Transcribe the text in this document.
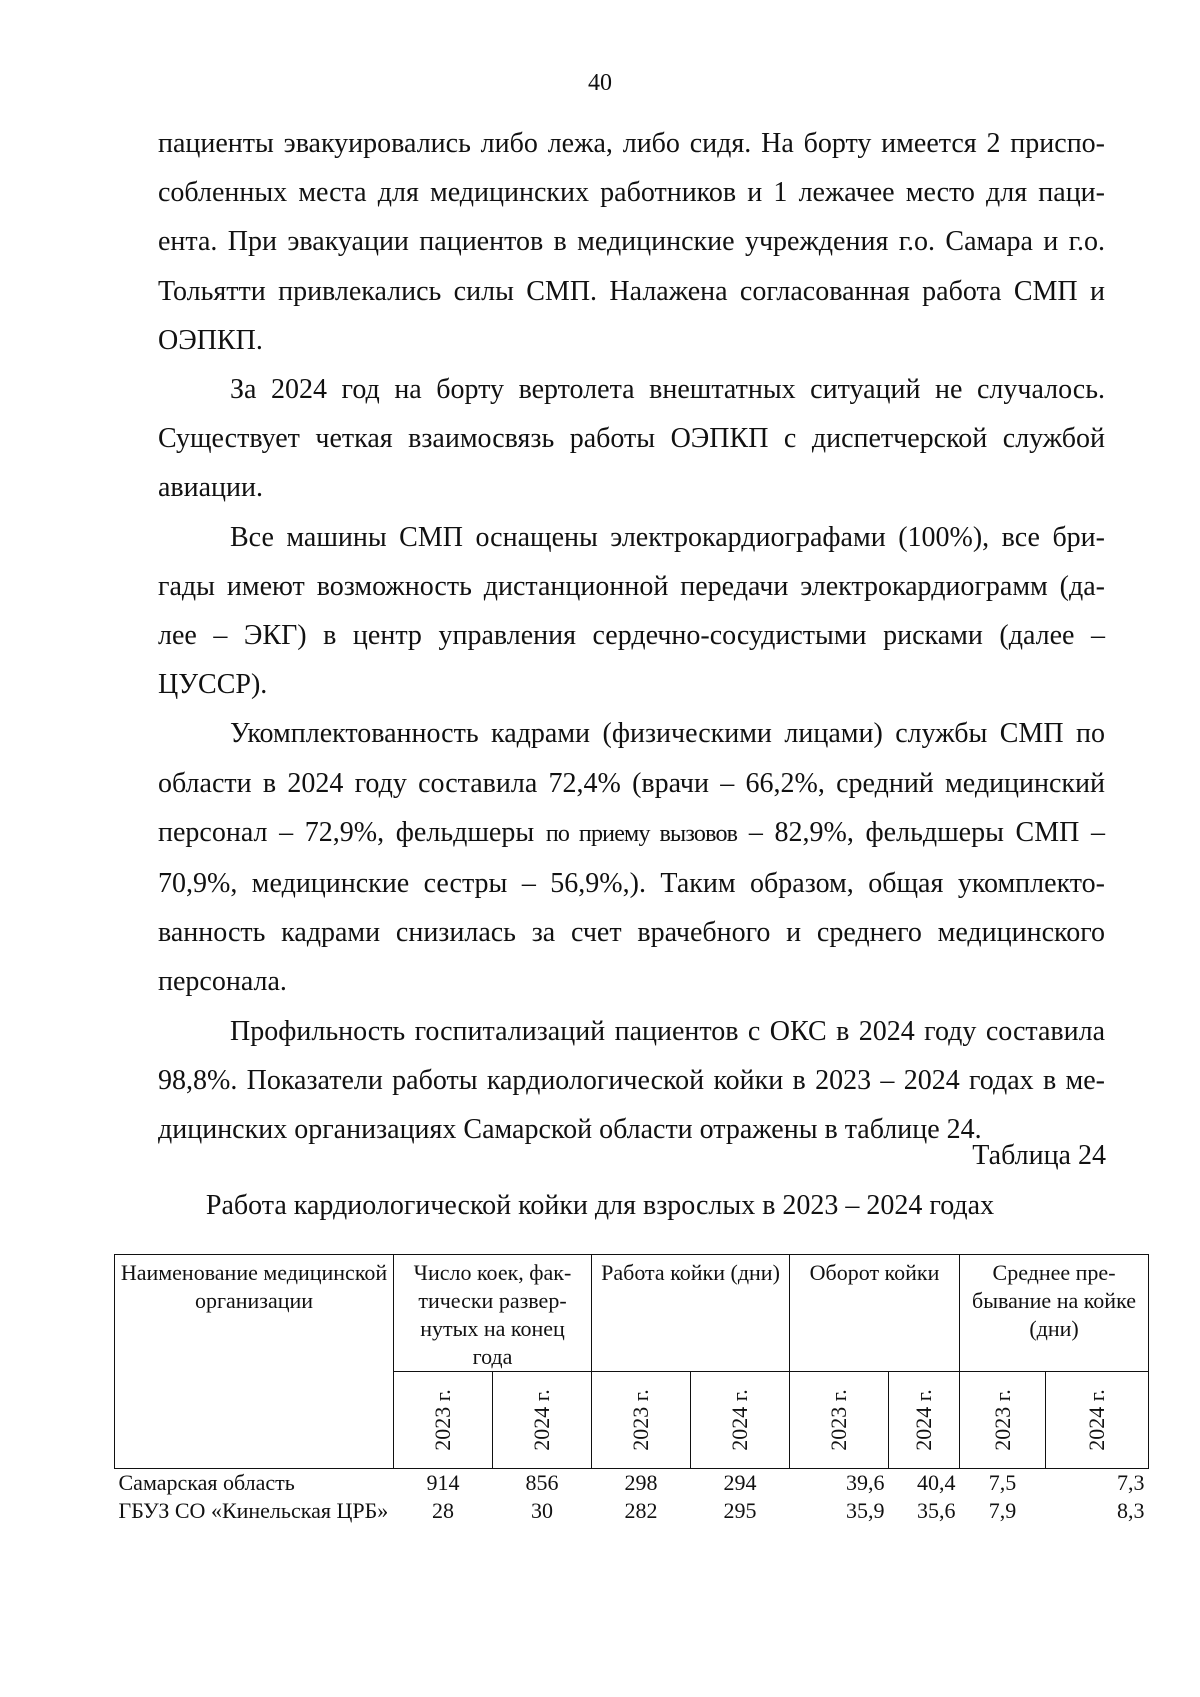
40

пациенты эвакуировались либо лежа, либо сидя. На борту имеется 2 приспособленных места для медицинских работников и 1 лежачее место для пациента. При эвакуации пациентов в медицинские учреждения г.о. Самара и г.о. Тольятти привлекались силы СМП. Налажена согласованная работа СМП и ОЭПКП.

За 2024 год на борту вертолета внештатных ситуаций не случалось. Существует четкая взаимосвязь работы ОЭПКП с диспетчерской службой авиации.

Все машины СМП оснащены электрокардиографами (100%), все бригады имеют возможность дистанционной передачи электрокардиограмм (далее – ЭКГ) в центр управления сердечно-сосудистыми рисками (далее – ЦУССР).

Укомплектованность кадрами (физическими лицами) службы СМП по области в 2024 году составила 72,4% (врачи – 66,2%, средний медицинский персонал – 72,9%, фельдшеры по приему вызовов – 82,9%, фельдшеры СМП – 70,9%, медицинские сестры – 56,9%,). Таким образом, общая укомплектованность кадрами снизилась за счет врачебного и среднего медицинского персонала.

Профильность госпитализаций пациентов с ОКС в 2024 году составила 98,8%. Показатели работы кардиологической койки в 2023 – 2024 годах в медицинских организациях Самарской области отражены в таблице 24.

Таблица 24

Работа кардиологической койки для взрослых в 2023 – 2024 годах

Наименование медицинской организации	Число коек, фактически развернутых на конец года		Работа койки (дни)		Оборот койки		Среднее пребывание на койке (дни)	
	2023 г.	2024 г.	2023 г.	2024 г.	2023 г.	2024 г.	2023 г.	2024 г.
Самарская область	914	856	298	294	39,6	40,4	7,5	7,3
ГБУЗ СО «Кинельская ЦРБ»	28	30	282	295	35,9	35,6	7,9	8,3
